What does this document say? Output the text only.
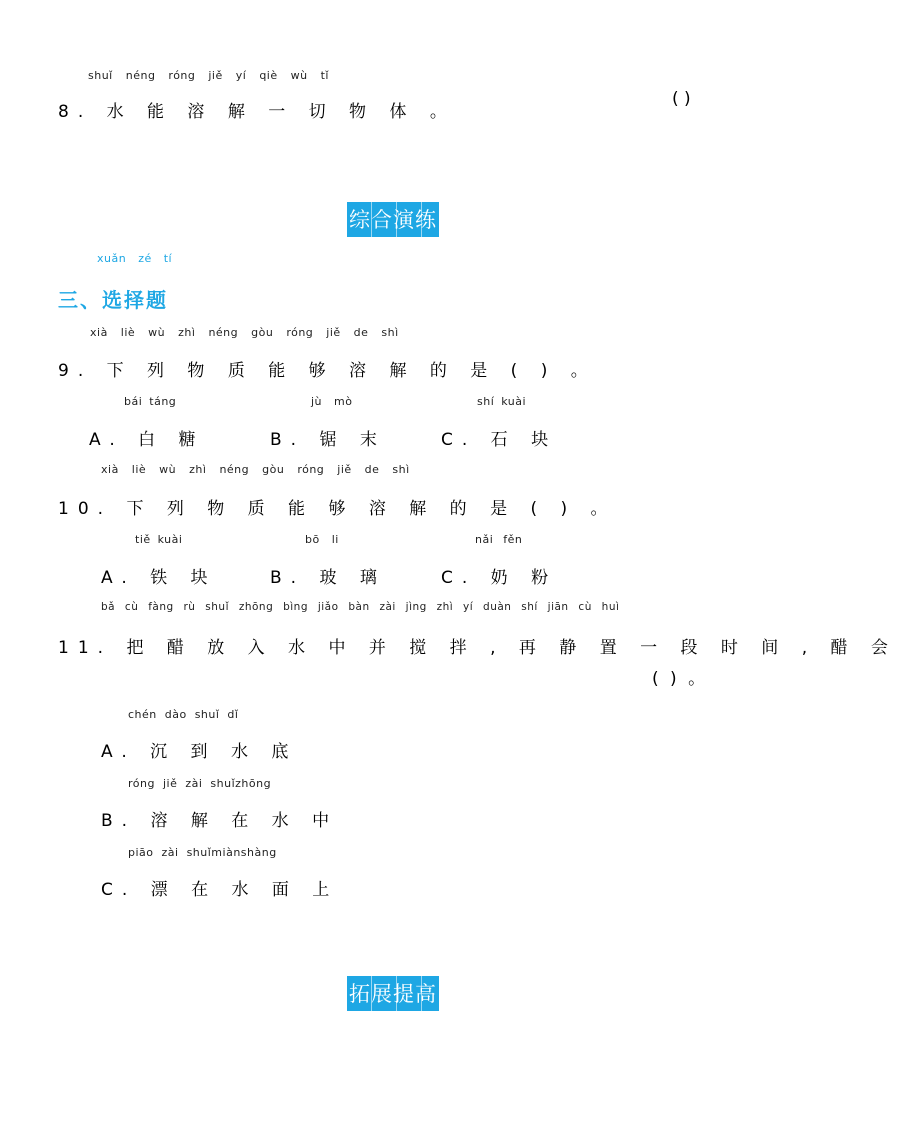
shuǐ néng róng jiě yí qiè wù tǐ
8. 水 能 溶 解 一 切 物 体 。
( )
综合演练
xuǎn zé tí
三、选择题
xià liè wù zhì néng gòu róng jiě de shì
9. 下 列 物 质 能 够 溶 解 的 是 ( ) 。
bái táng
A. 白 糖
jù mò
B. 锯 末
shí kuài
C. 石 块
xià liè wù zhì néng gòu róng jiě de shì
10. 下 列 物 质 能 够 溶 解 的 是 ( ) 。
tiě kuài
A. 铁 块
bō li
B. 玻 璃
nǎi fěn
C. 奶 粉
bǎ cù fàng rù shuǐ zhōng bìng jiǎo bàn zài jìng zhì yí duàn shí jiān cù huì
11. 把 醋 放 入 水 中 并 搅 拌 , 再 静 置 一 段 时 间 , 醋 会
( ) 。
chén dào shuǐ dǐ
A. 沉 到 水 底
róng jiě zài shuǐzhōng
B. 溶 解 在 水 中
piāo zài shuǐmiànshàng
C. 漂 在 水 面 上
拓展提高
